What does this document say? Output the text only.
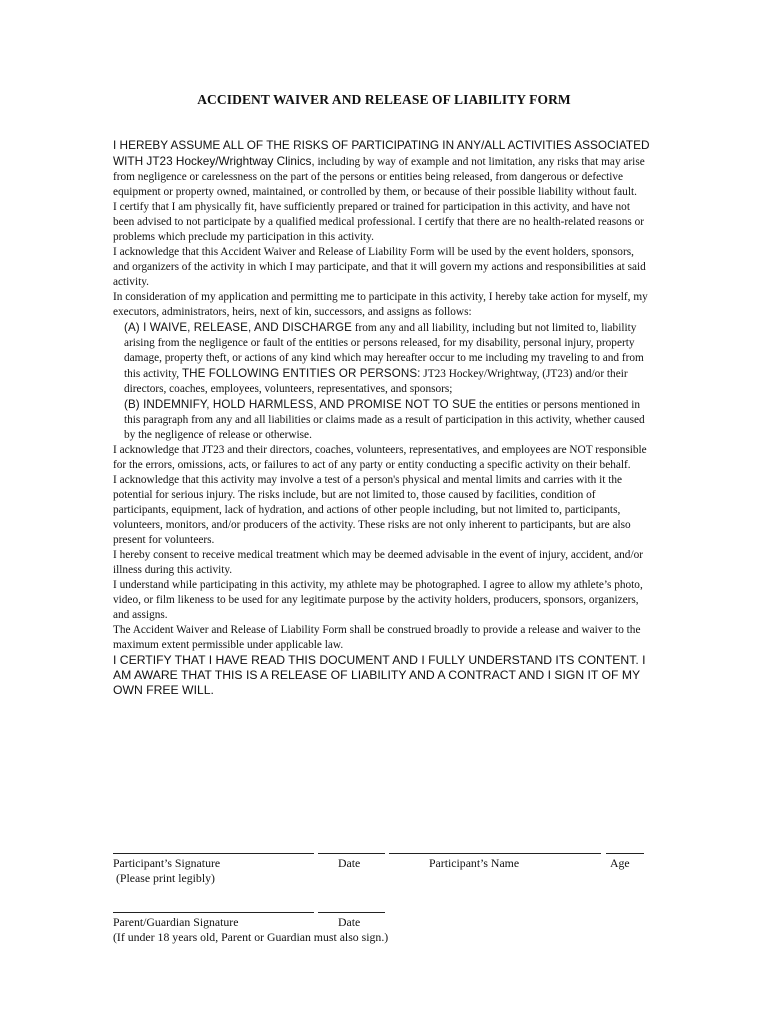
ACCIDENT WAIVER AND RELEASE OF LIABILITY FORM

I HEREBY ASSUME ALL OF THE RISKS OF PARTICIPATING IN ANY/ALL ACTIVITIES ASSOCIATED WITH JT23 Hockey/Wrightway Clinics, including by way of example and not limitation, any risks that may arise from negligence or carelessness on the part of the persons or entities being released, from dangerous or defective equipment or property owned, maintained, or controlled by them, or because of their possible liability without fault.

I certify that I am physically fit, have sufficiently prepared or trained for participation in this activity, and have not been advised to not participate by a qualified medical professional. I certify that there are no health-related reasons or problems which preclude my participation in this activity.

I acknowledge that this Accident Waiver and Release of Liability Form will be used by the event holders, sponsors, and organizers of the activity in which I may participate, and that it will govern my actions and responsibilities at said activity.

In consideration of my application and permitting me to participate in this activity, I hereby take action for myself, my executors, administrators, heirs, next of kin, successors, and assigns as follows:

(A) I WAIVE, RELEASE, AND DISCHARGE from any and all liability, including but not limited to, liability arising from the negligence or fault of the entities or persons released, for my disability, personal injury, property damage, property theft, or actions of any kind which may hereafter occur to me including my traveling to and from this activity, THE FOLLOWING ENTITIES OR PERSONS: JT23 Hockey/Wrightway, (JT23) and/or their directors, coaches, employees, volunteers, representatives, and sponsors;

(B) INDEMNIFY, HOLD HARMLESS, AND PROMISE NOT TO SUE the entities or persons mentioned in this paragraph from any and all liabilities or claims made as a result of participation in this activity, whether caused by the negligence of release or otherwise.

I acknowledge that JT23 and their directors, coaches, volunteers, representatives, and employees are NOT responsible for the errors, omissions, acts, or failures to act of any party or entity conducting a specific activity on their behalf.

I acknowledge that this activity may involve a test of a person's physical and mental limits and carries with it the potential for serious injury. The risks include, but are not limited to, those caused by facilities, condition of participants, equipment, lack of hydration, and actions of other people including, but not limited to, participants, volunteers, monitors, and/or producers of the activity. These risks are not only inherent to participants, but are also present for volunteers.

I hereby consent to receive medical treatment which may be deemed advisable in the event of injury, accident, and/or illness during this activity.

I understand while participating in this activity, my athlete may be photographed. I agree to allow my athlete’s photo, video, or film likeness to be used for any legitimate purpose by the activity holders, producers, sponsors, organizers, and assigns.

The Accident Waiver and Release of Liability Form shall be construed broadly to provide a release and waiver to the maximum extent permissible under applicable law.

I CERTIFY THAT I HAVE READ THIS DOCUMENT AND I FULLY UNDERSTAND ITS CONTENT. I AM AWARE THAT THIS IS A RELEASE OF LIABILITY AND A CONTRACT AND I SIGN IT OF MY OWN FREE WILL.

Participant’s Signature	Date	Participant’s Name	Age
(Please print legibly)
Parent/Guardian Signature	Date
(If under 18 years old, Parent or Guardian must also sign.)
